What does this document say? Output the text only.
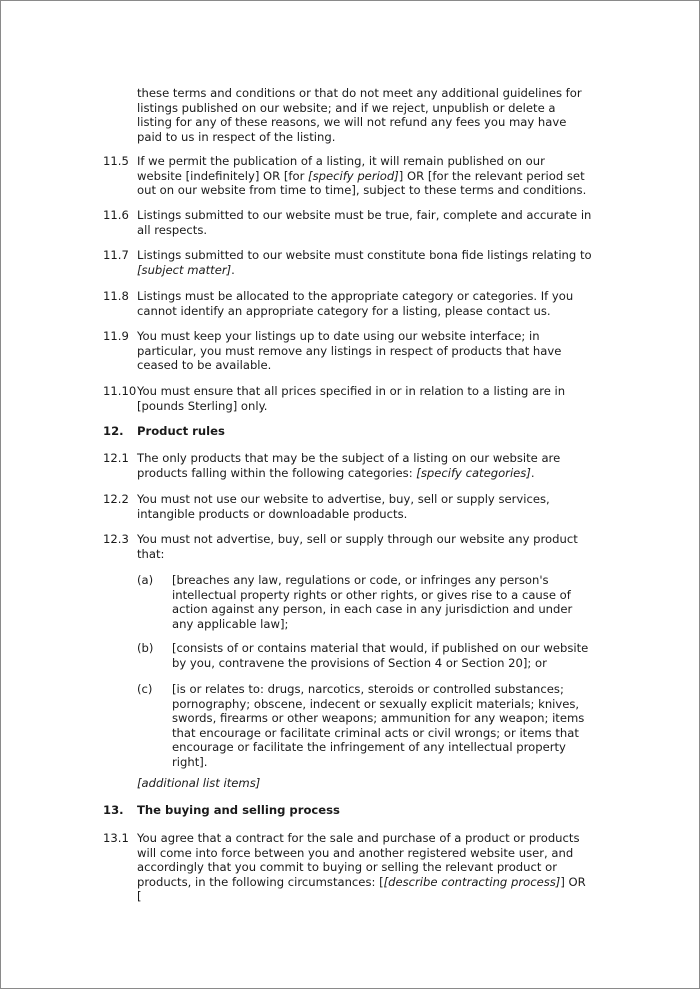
these terms and conditions or that do not meet any additional guidelines for
listings published on our website; and if we reject, unpublish or delete a
listing for any of these reasons, we will not refund any fees you may have
paid to us in respect of the listing.
11.5 If we permit the publication of a listing, it will remain published on our
website [indefinitely] OR [for [specify period]] OR [for the relevant period set
out on our website from time to time], subject to these terms and conditions.
11.6 Listings submitted to our website must be true, fair, complete and accurate in
all respects.
11.7 Listings submitted to our website must constitute bona fide listings relating to
[subject matter].
11.8 Listings must be allocated to the appropriate category or categories. If you
cannot identify an appropriate category for a listing, please contact us.
11.9 You must keep your listings up to date using our website interface; in
particular, you must remove any listings in respect of products that have
ceased to be available.
11.10 You must ensure that all prices specified in or in relation to a listing are in
[pounds Sterling] only.
12. Product rules
12.1 The only products that may be the subject of a listing on our website are
products falling within the following categories: [specify categories].
12.2 You must not use our website to advertise, buy, sell or supply services,
intangible products or downloadable products.
12.3 You must not advertise, buy, sell or supply through our website any product
that:
(a) [breaches any law, regulations or code, or infringes any person's
intellectual property rights or other rights, or gives rise to a cause of
action against any person, in each case in any jurisdiction and under
any applicable law];
(b) [consists of or contains material that would, if published on our website
by you, contravene the provisions of Section 4 or Section 20]; or
(c) [is or relates to: drugs, narcotics, steroids or controlled substances;
pornography; obscene, indecent or sexually explicit materials; knives,
swords, firearms or other weapons; ammunition for any weapon; items
that encourage or facilitate criminal acts or civil wrongs; or items that
encourage or facilitate the infringement of any intellectual property
right].
[additional list items]
13. The buying and selling process
13.1 You agree that a contract for the sale and purchase of a product or products
will come into force between you and another registered website user, and
accordingly that you commit to buying or selling the relevant product or
products, in the following circumstances: [[describe contracting process]] OR
[
